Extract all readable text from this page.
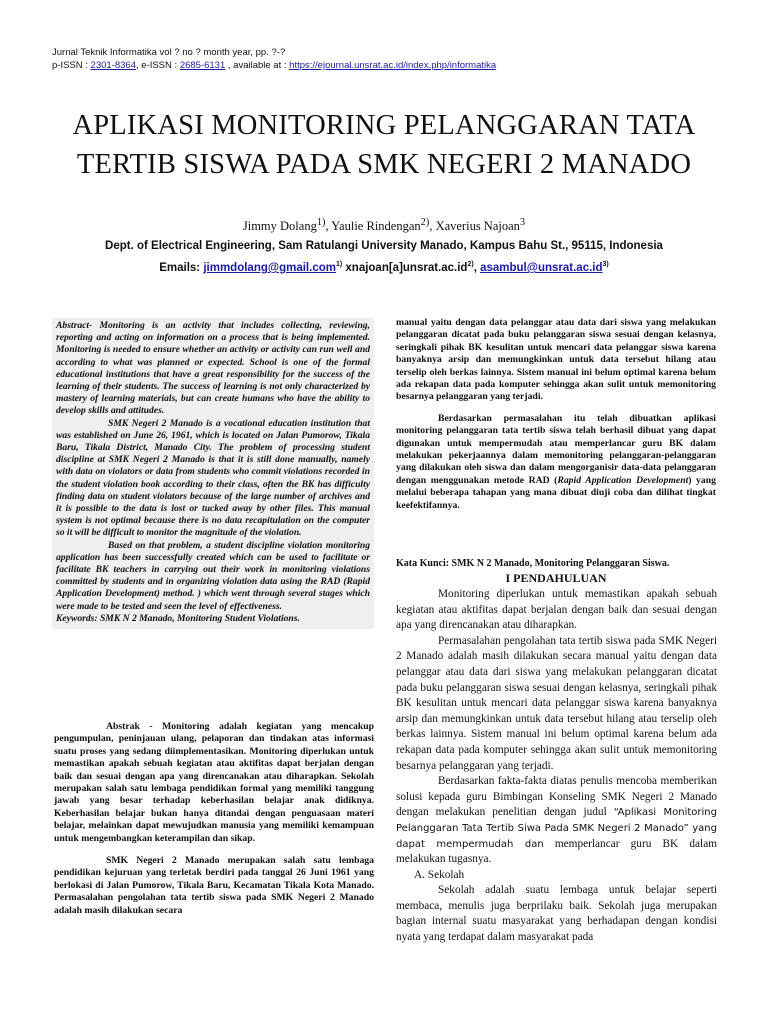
Jurnal Teknik Informatika vol ? no ? month year, pp. ?-?
p-ISSN : 2301-8364, e-ISSN : 2685-6131 , available at : https://ejournal.unsrat.ac.id/index.php/informatika
APLIKASI MONITORING PELANGGARAN TATA TERTIB SISWA PADA SMK NEGERI 2 MANADO
Jimmy Dolang$^{1)}$, Yaulie Rindengan$^{2)}$, Xaverius Najoan$^3$
Dept. of Electrical Engineering, Sam Ratulangi University Manado, Kampus Bahu St., 95115, Indonesia
Emails: jimmdolang@gmail.com$^{1)}$ $xnajoan[a]unsrat.ac.id^{2)}$, $asambul@unsrat.ac.id^{3)}$

Abstract- Monitoring is an activity that includes collecting, reviewing, reporting and acting on information on a process that is being implemented. Monitoring is needed to ensure whether an activity or activity can run well and according to what was planned or expected. School is one of the formal educational institutions that have a great responsibility for the success of the learning of their students. The success of learning is not only characterized by mastery of learning materials, but can create humans who have the ability to develop skills and attitudes.

SMK Negeri 2 Manado is a vocational education institution that was established on June 26, 1961, which is located on Jalan Pumorow, Tikala Baru, Tikala District, Manado City. The problem of processing student discipline at SMK Negeri 2 Manado is that it is still done manually, namely with data on violators or data from students who commit violations recorded in the student violation book according to their class, often the BK has difficulty finding data on student violators because of the large number of archives and it is possible to the data is lost or tucked away by other files. This manual system is not optimal because there is no data recapitulation on the computer so it will be difficult to monitor the magnitude of the violation.

Based on that problem, a student discipline violation monitoring application has been successfully created which can be used to facilitate or facilitate BK teachers in carrying out their work in monitoring violations committed by students and in organizing violation data using the RAD (Rapid Application Development) method. ) which went through several stages which were made to be tested and seen the level of effectiveness.

Keywords: SMK N 2 Manado, Monitoring Student Violations.

Abstrak - Monitoring adalah kegiatan yang mencakup pengumpulan, peninjauan ulang, pelaporan dan tindakan atas informasi suatu proses yang sedang diimplementasikan. Monitoring diperlukan untuk memastikan apakah sebuah kegiatan atau aktifitas dapat berjalan dengan baik dan sesuai dengan apa yang direncanakan atau diharapkan. Sekolah merupakan salah satu lembaga pendidikan formal yang memiliki tanggung jawab yang besar terhadap keberhasilan belajar anak didiknya. Keberhasilan belajar bukan hanya ditandai dengan penguasaan materi belajar, melainkan dapat mewujudkan manusia yang memiliki kemampuan untuk mengembangkan keterampilan dan sikap.

SMK Negeri 2 Manado merupakan salah satu lembaga pendidikan kejuruan yang terletak berdiri pada tanggal 26 Juni 1961 yang berlokasi di Jalan Pumorow, Tikala Baru, Kecamatan Tikala Kota Manado. Permasalahan pengolahan tata tertib siswa pada SMK Negeri 2 Manado adalah masih dilakukan secara

manual yaitu dengan data pelanggar atau data dari siswa yang melakukan pelanggaran dicatat pada buku pelanggaran siswa sesuai dengan kelasnya, seringkali pihak BK kesulitan untuk mencari data pelanggar siswa karena banyaknya arsip dan memungkinkan untuk data tersebut hilang atau terselip oleh berkas lainnya. Sistem manual ini belum optimal karena belum ada rekapan data pada komputer sehingga akan sulit untuk memonitoring besarnya pelanggaran yang terjadi.

Berdasarkan permasalahan itu telah dibuatkan aplikasi monitoring pelanggaran tata tertib siswa telah berhasil dibuat yang dapat digunakan untuk mempermudah atau memperlancar guru BK dalam melakukan pekerjaannya dalam memonitoring pelanggaran-pelanggaran yang dilakukan oleh siswa dan dalam mengorganisir data-data pelanggaran dengan menggunakan metode RAD (Rapid Application Development) yang melalui beberapa tahapan yang mana dibuat diuji coba dan dilihat tingkat keefektifannya.

Kata Kunci: SMK N 2 Manado, Monitoring Pelanggaran Siswa.
I PENDAHULUAN

Monitoring diperlukan untuk memastikan apakah sebuah kegiatan atau aktifitas dapat berjalan dengan baik dan sesuai dengan apa yang direncanakan atau diharapkan.

Permasalahan pengolahan tata tertib siswa pada SMK Negeri 2 Manado adalah masih dilakukan secara manual yaitu dengan data pelanggar atau data dari siswa yang melakukan pelanggaran dicatat pada buku pelanggaran siswa sesuai dengan kelasnya, seringkali pihak BK kesulitan untuk mencari data pelanggar siswa karena banyaknya arsip dan memungkinkan untuk data tersebut hilang atau terselip oleh berkas lainnya. Sistem manual ini belum optimal karena belum ada rekapan data pada komputer sehingga akan sulit untuk memonitoring besarnya pelanggaran yang terjadi.

Berdasarkan fakta-fakta diatas penulis mencoba memberikan solusi kepada guru Bimbingan Konseling SMK Negeri 2 Manado dengan melakukan penelitian dengan judul “Aplikasi Monitoring Pelanggaran Tata Tertib Siwa Pada SMK Negeri 2 Manado” yang dapat mempermudah dan memperlancar guru BK dalam melakukan tugasnya.

A. Sekolah

Sekolah adalah suatu lembaga untuk belajar seperti membaca, menulis juga berprilaku baik. Sekolah juga merupakan bagian internal suatu masyarakat yang berhadapan dengan kondisi nyata yang terdapat dalam masyarakat pada
